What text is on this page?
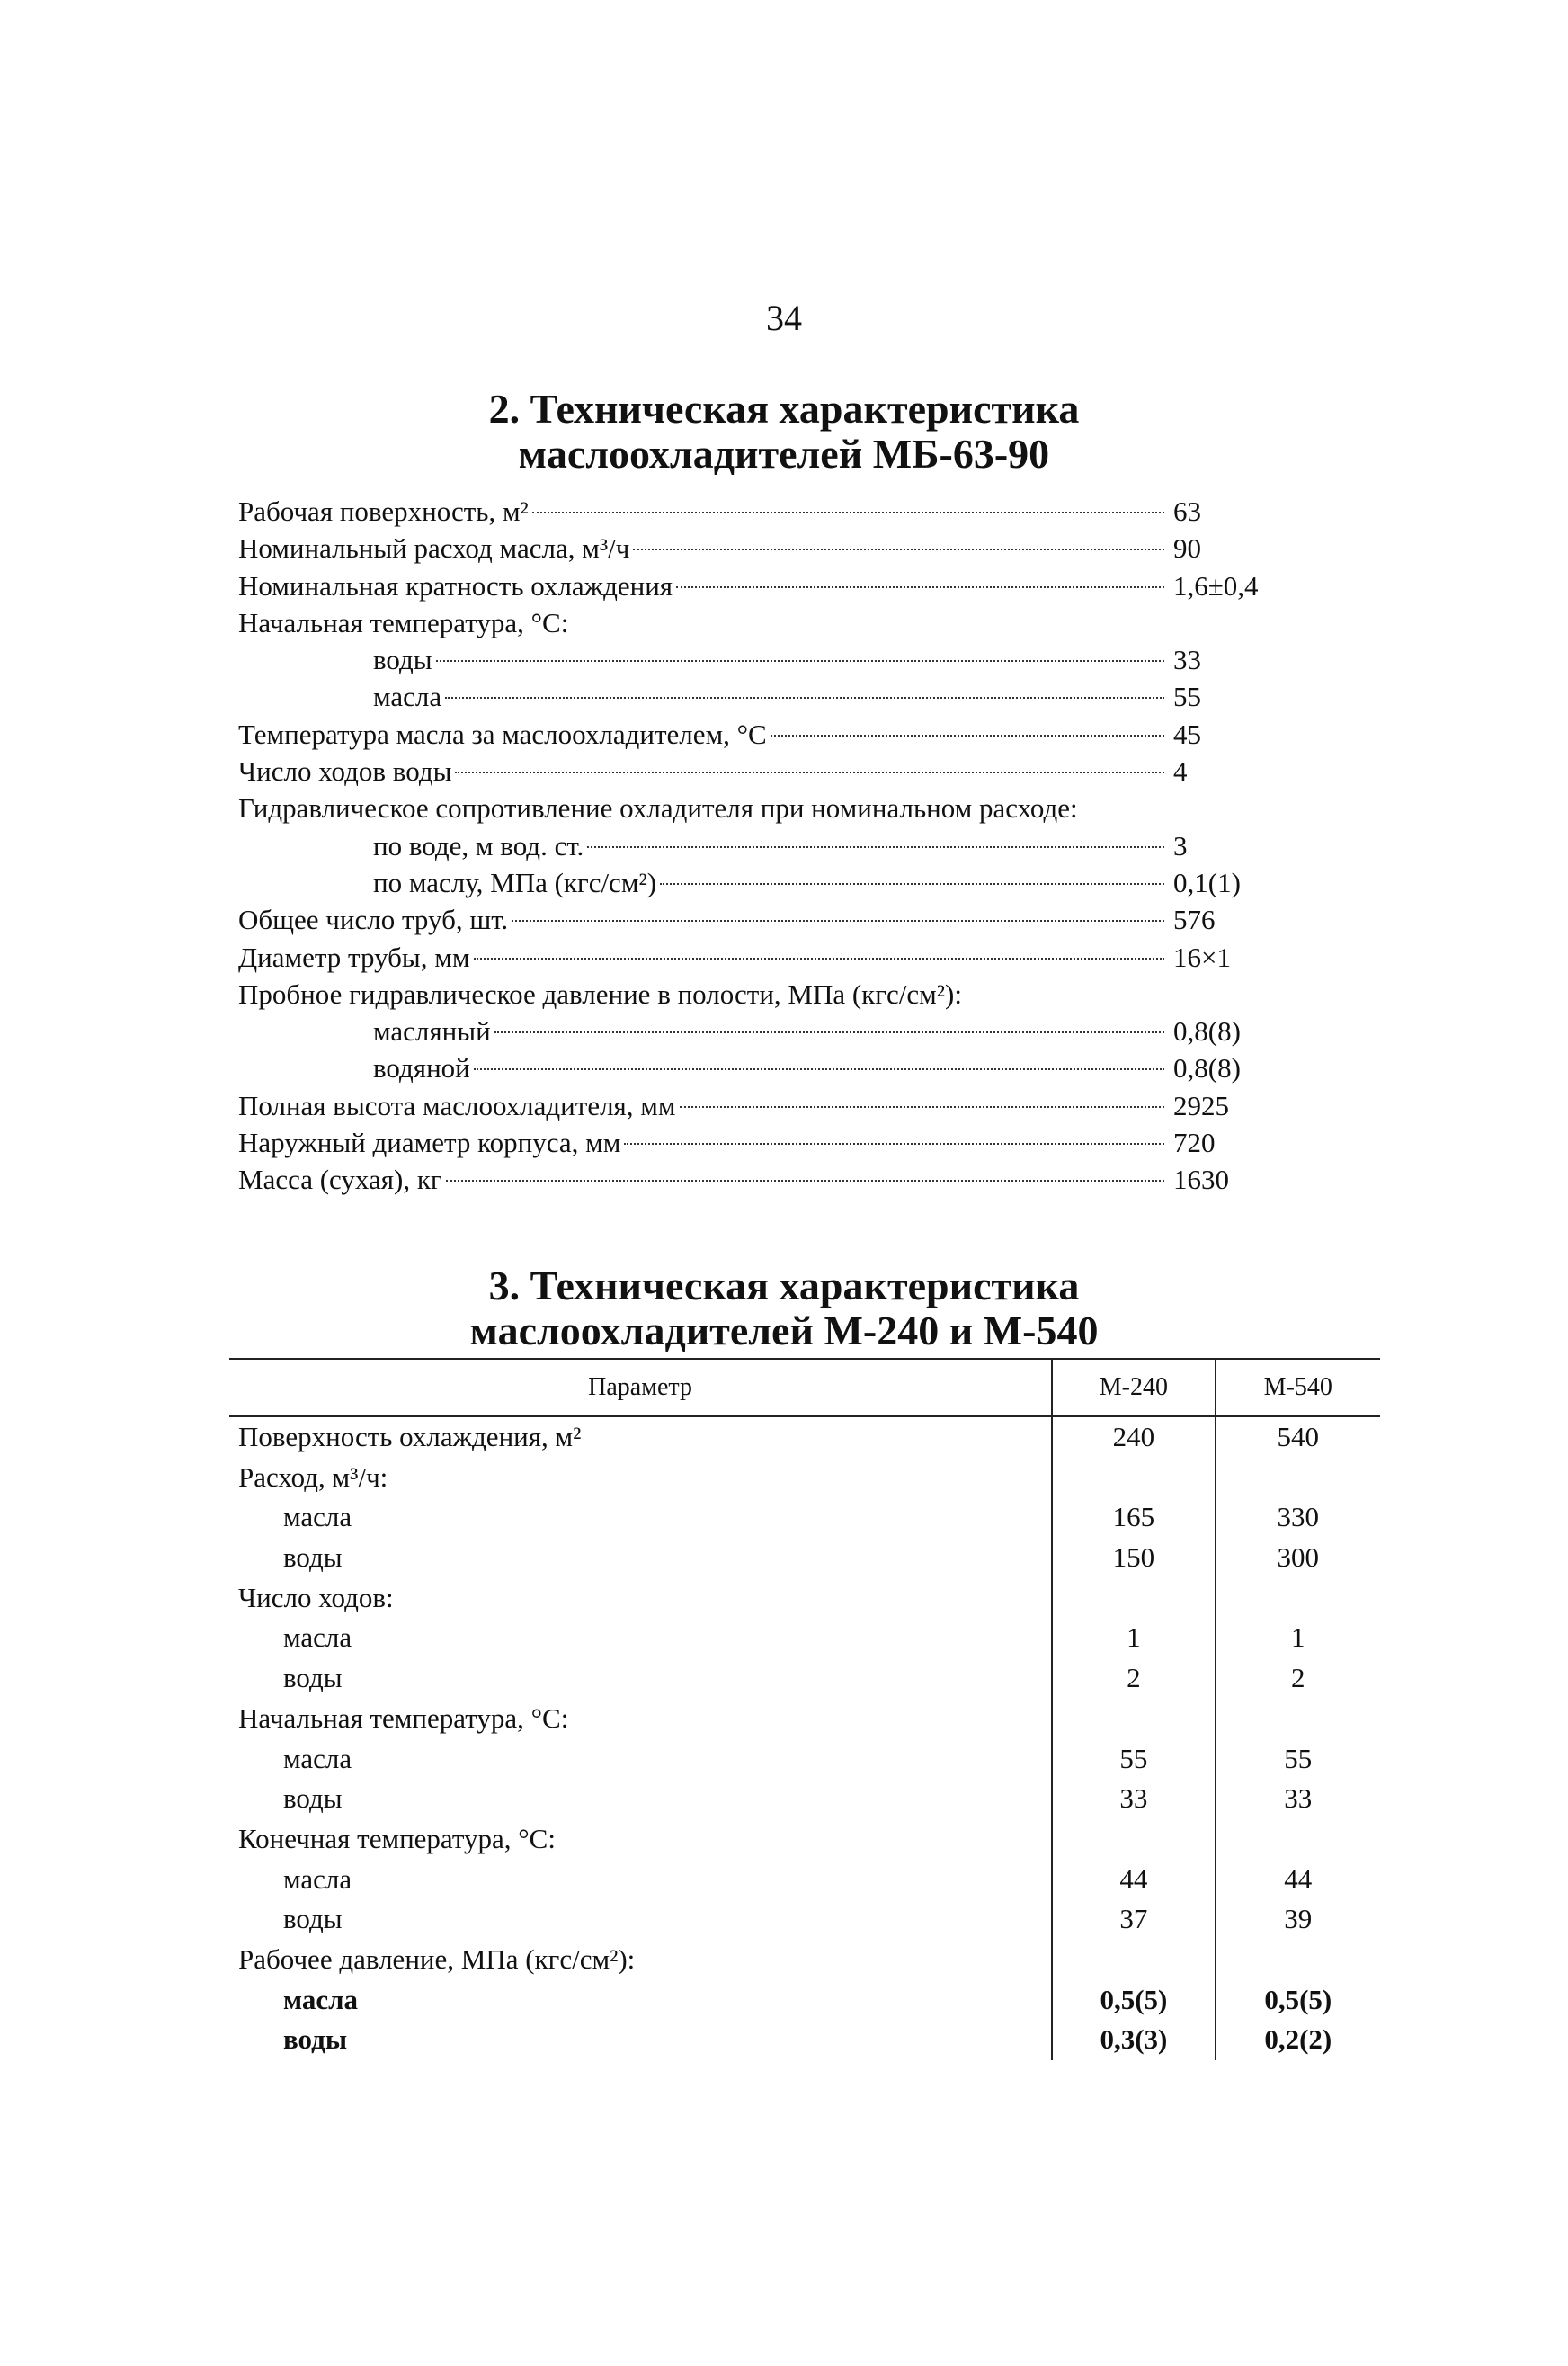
34
2. Техническая характеристика
маслоохладителей МБ-63-90
Рабочая поверхность, м²	63
Номинальный расход масла, м³/ч	90
Номинальная кратность охлаждения	1,6±0,4
Начальная температура, °С:
воды	33
масла	55
Температура масла за маслоохладителем, °С	45
Число ходов воды	4
Гидравлическое сопротивление охладителя при номинальном расходе:
по воде, м вод. ст.	3
по маслу, МПа (кгс/см²)	0,1(1)
Общее число труб, шт.	576
Диаметр трубы, мм	16×1
Пробное гидравлическое давление в полости, МПа (кгс/см²):
масляный	0,8(8)
водяной	0,8(8)
Полная высота маслоохладителя, мм	2925
Наружный диаметр корпуса, мм	720
Масса (сухая), кг	1630
3. Техническая характеристика
маслоохладителей М-240 и М-540
Параметр	М-240	М-540
Поверхность охлаждения, м²	240	540
Расход, м³/ч:
масла	165	330
воды	150	300
Число ходов:
масла	1	1
воды	2	2
Начальная температура, °С:
масла	55	55
воды	33	33
Конечная температура, °С:
масла	44	44
воды	37	39
Рабочее давление, МПа (кгс/см²):
масла	0,5(5)	0,5(5)
воды	0,3(3)	0,2(2)
